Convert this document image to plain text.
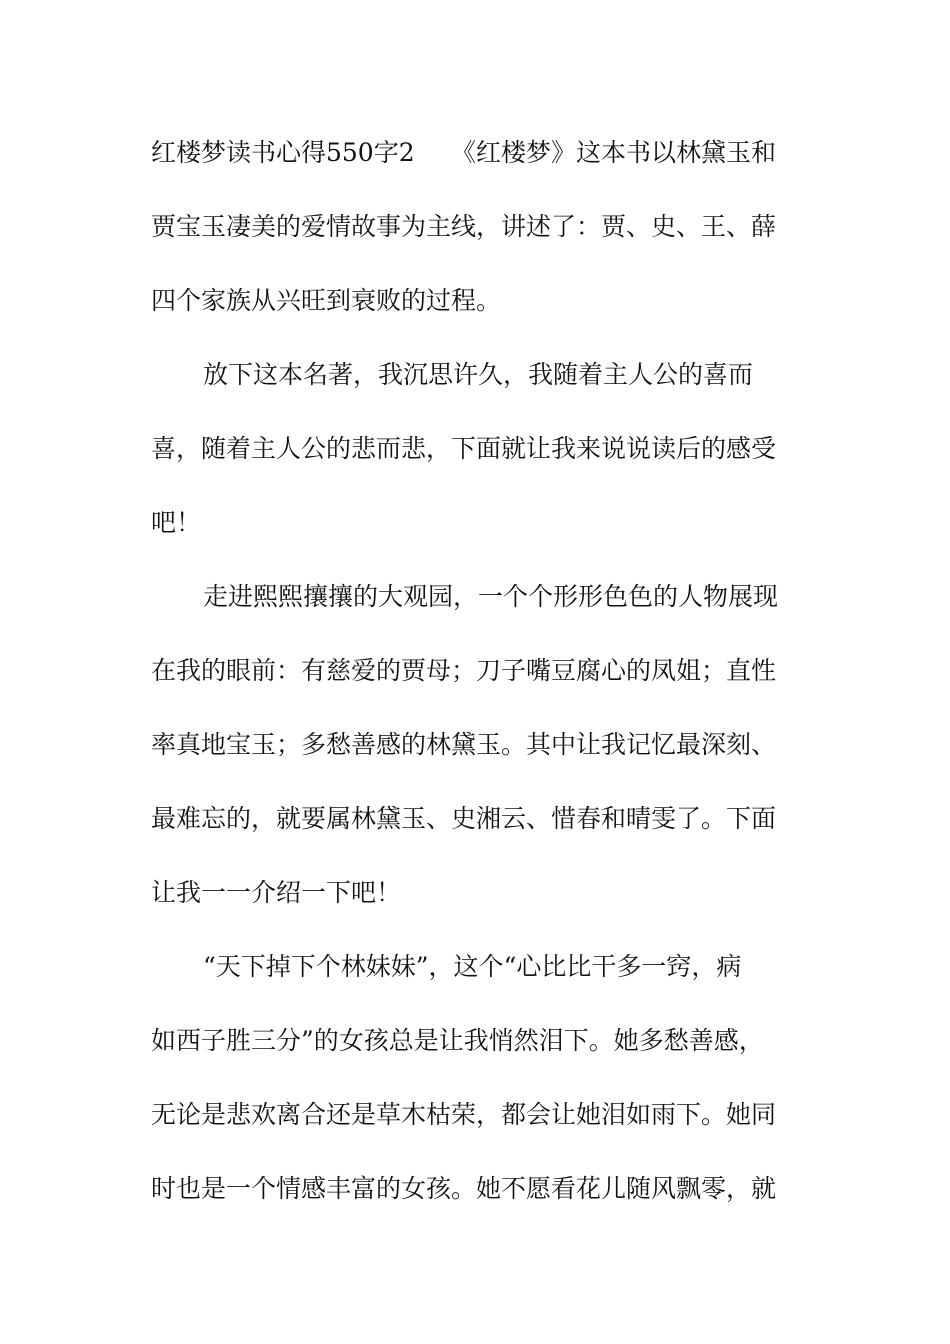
红楼梦读书心得550字2 《红楼梦》这本书以林黛玉和
贾宝玉凄美的爱情故事为主线，讲述了：贾、史、王、薛
四个家族从兴旺到衰败的过程。
放下这本名著，我沉思许久，我随着主人公的喜而
喜，随着主人公的悲而悲，下面就让我来说说读后的感受
吧！
走进熙熙攘攘的大观园，一个个形形色色的人物展现
在我的眼前：有慈爱的贾母；刀子嘴豆腐心的凤姐；直性
率真地宝玉；多愁善感的林黛玉。其中让我记忆最深刻、
最难忘的，就要属林黛玉、史湘云、惜春和晴雯了。下面
让我一一介绍一下吧！
“天下掉下个林妹妹”，这个“心比比干多一窍，病
如西子胜三分”的女孩总是让我悄然泪下。她多愁善感，
无论是悲欢离合还是草木枯荣，都会让她泪如雨下。她同
时也是一个情感丰富的女孩。她不愿看花儿随风飘零，就
